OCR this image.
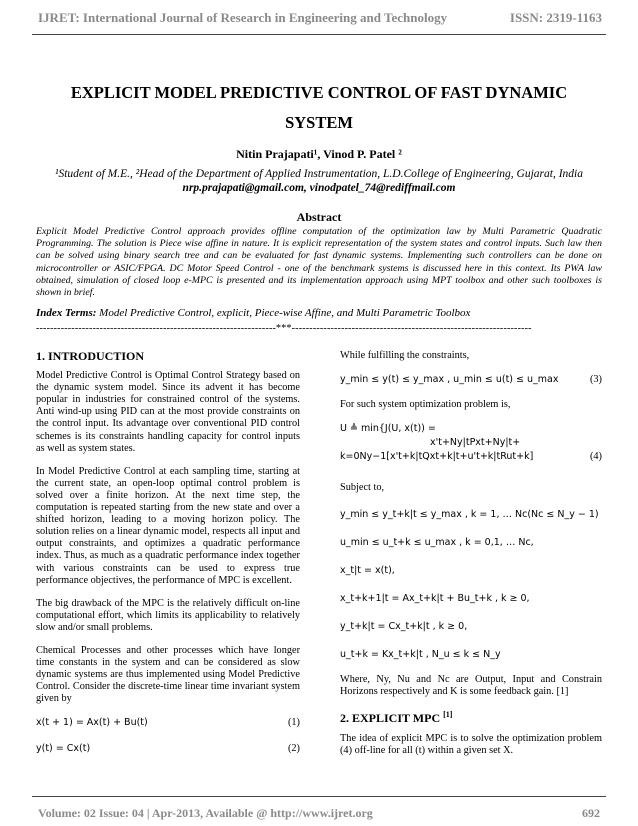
IJRET: International Journal of Research in Engineering and Technology	ISSN: 2319-1163
EXPLICIT MODEL PREDICTIVE CONTROL OF FAST DYNAMIC
SYSTEM
Nitin Prajapati¹, Vinod P. Patel ²
¹Student of M.E., ²Head of the Department of Applied Instrumentation, L.D.College of Engineering, Gujarat, India
nrp.prajapati@gmail.com, vinodpatel_74@rediffmail.com
Abstract
Explicit Model Predictive Control approach provides offline computation of the optimization law by Multi Parametric Quadratic Programming. The solution is Piece wise affine in nature. It is explicit representation of the system states and control inputs. Such law then can be solved using binary search tree and can be evaluated for fast dynamic systems. Implementing such controllers can be done on microcontroller or ASIC/FPGA. DC Motor Speed Control - one of the benchmark systems is discussed here in this context. Its PWA law obtained, simulation of closed loop e-MPC is presented and its implementation approach using MPT toolbox and other such toolboxes is shown in brief.
Index Terms: Model Predictive Control, explicit, Piece-wise Affine, and Multi Parametric Toolbox
--------------------------------------------------------------------***--------------------------------------------------------------------
1. INTRODUCTION

Model Predictive Control is Optimal Control Strategy based on the dynamic system model. Since its advent it has become popular in industries for constrained control of the systems. Anti wind-up using PID can at the most provide constraints on the control input. Its advantage over conventional PID control schemes is its constraints handling capacity for control inputs as well as system states.

In Model Predictive Control at each sampling time, starting at the current state, an open-loop optimal control problem is solved over a finite horizon. At the next time step, the computation is repeated starting from the new state and over a shifted horizon, leading to a moving horizon policy. The solution relies on a linear dynamic model, respects all input and output constraints, and optimizes a quadratic performance index. Thus, as much as a quadratic performance index together with various constraints can be used to express true performance objectives, the performance of MPC is excellent.

The big drawback of the MPC is the relatively difficult on-line computational effort, which limits its applicability to relatively slow and/or small problems.

Chemical Processes and other processes which have longer time constants in the system and can be considered as slow dynamic systems are thus implemented using Model Predictive Control. Consider the discrete-time linear time invariant system given by

x(t + 1) = Ax(t) + Bu(t)	(1)
y(t) = Cx(t)	(2)

While fulfilling the constraints,

y_min ≤ y(t) ≤ y_max , u_min ≤ u(t) ≤ u_max	(3)

For such system optimization problem is,

U ≜ min{J(U, x(t)) =
x't+Ny|tPxt+Ny|t+
k=0Ny−1[x't+k|tQxt+k|t+u't+k|tRut+k]	(4)

Subject to,

y_min ≤ y_t+k|t ≤ y_max , k = 1, … Nc(Nc ≤ N_y − 1)
u_min ≤ u_t+k ≤ u_max , k = 0,1, … Nc,
x_t|t = x(t),
x_t+k+1|t = Ax_t+k|t + Bu_t+k , k ≥ 0,
y_t+k|t = Cx_t+k|t , k ≥ 0,
u_t+k = Kx_t+k|t , N_u ≤ k ≤ N_y

Where, Ny, Nu and Nc are Output, Input and Constrain Horizons respectively and K is some feedback gain. [1]

2. EXPLICIT MPC [1]

The idea of explicit MPC is to solve the optimization problem (4) off-line for all (t) within a given set X.

Volume: 02 Issue: 04 | Apr-2013, Available @ http://www.ijret.org	692
